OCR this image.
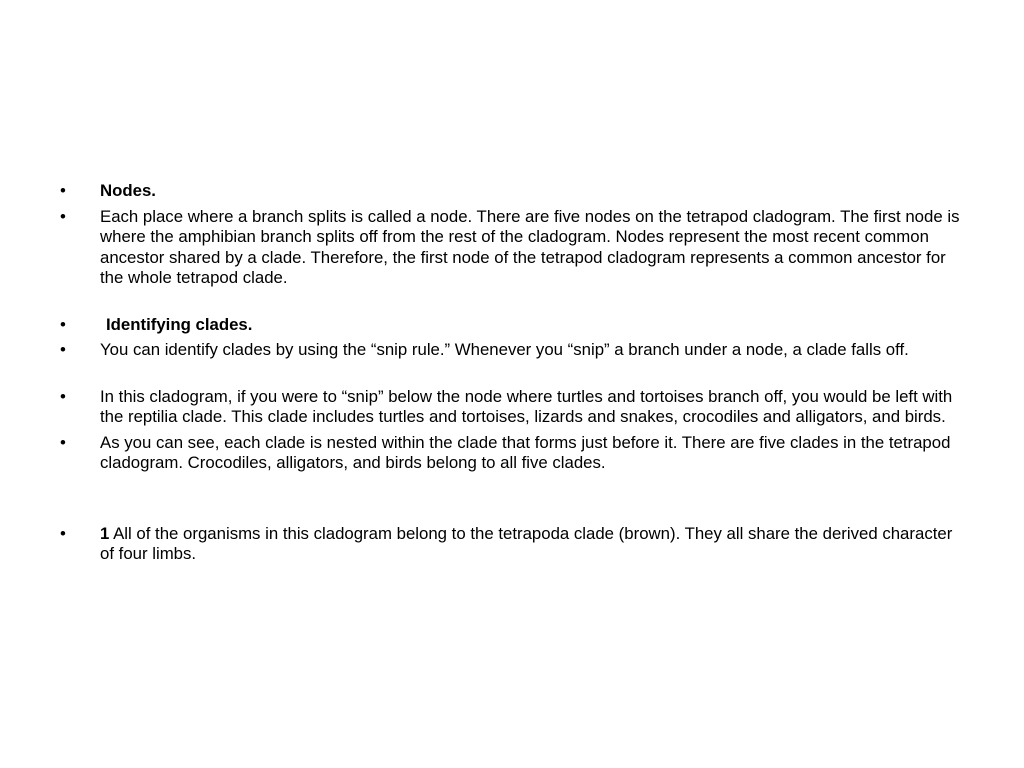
•	Nodes.
•	Each place where a branch splits is called a node. There are five nodes on the tetrapod cladogram. The first node is where the amphibian branch splits off from the rest of the cladogram. Nodes represent the most recent common ancestor shared by a clade. Therefore, the first node of the tetrapod cladogram represents a common ancestor for the whole tetrapod clade.
•	Identifying clades.
•	You can identify clades by using the “snip rule.” Whenever you “snip” a branch under a node, a clade falls off.
•	In this cladogram, if you were to “snip” below the node where turtles and tortoises branch off, you would be left with the reptilia clade. This clade includes turtles and tortoises, lizards and snakes, crocodiles and alligators, and birds.
•	As you can see, each clade is nested within the clade that forms just before it. There are five clades in the tetrapod cladogram. Crocodiles, alligators, and birds belong to all five clades.
•	1 All of the organisms in this cladogram belong to the tetrapoda clade (brown). They all share the derived character of four limbs.
